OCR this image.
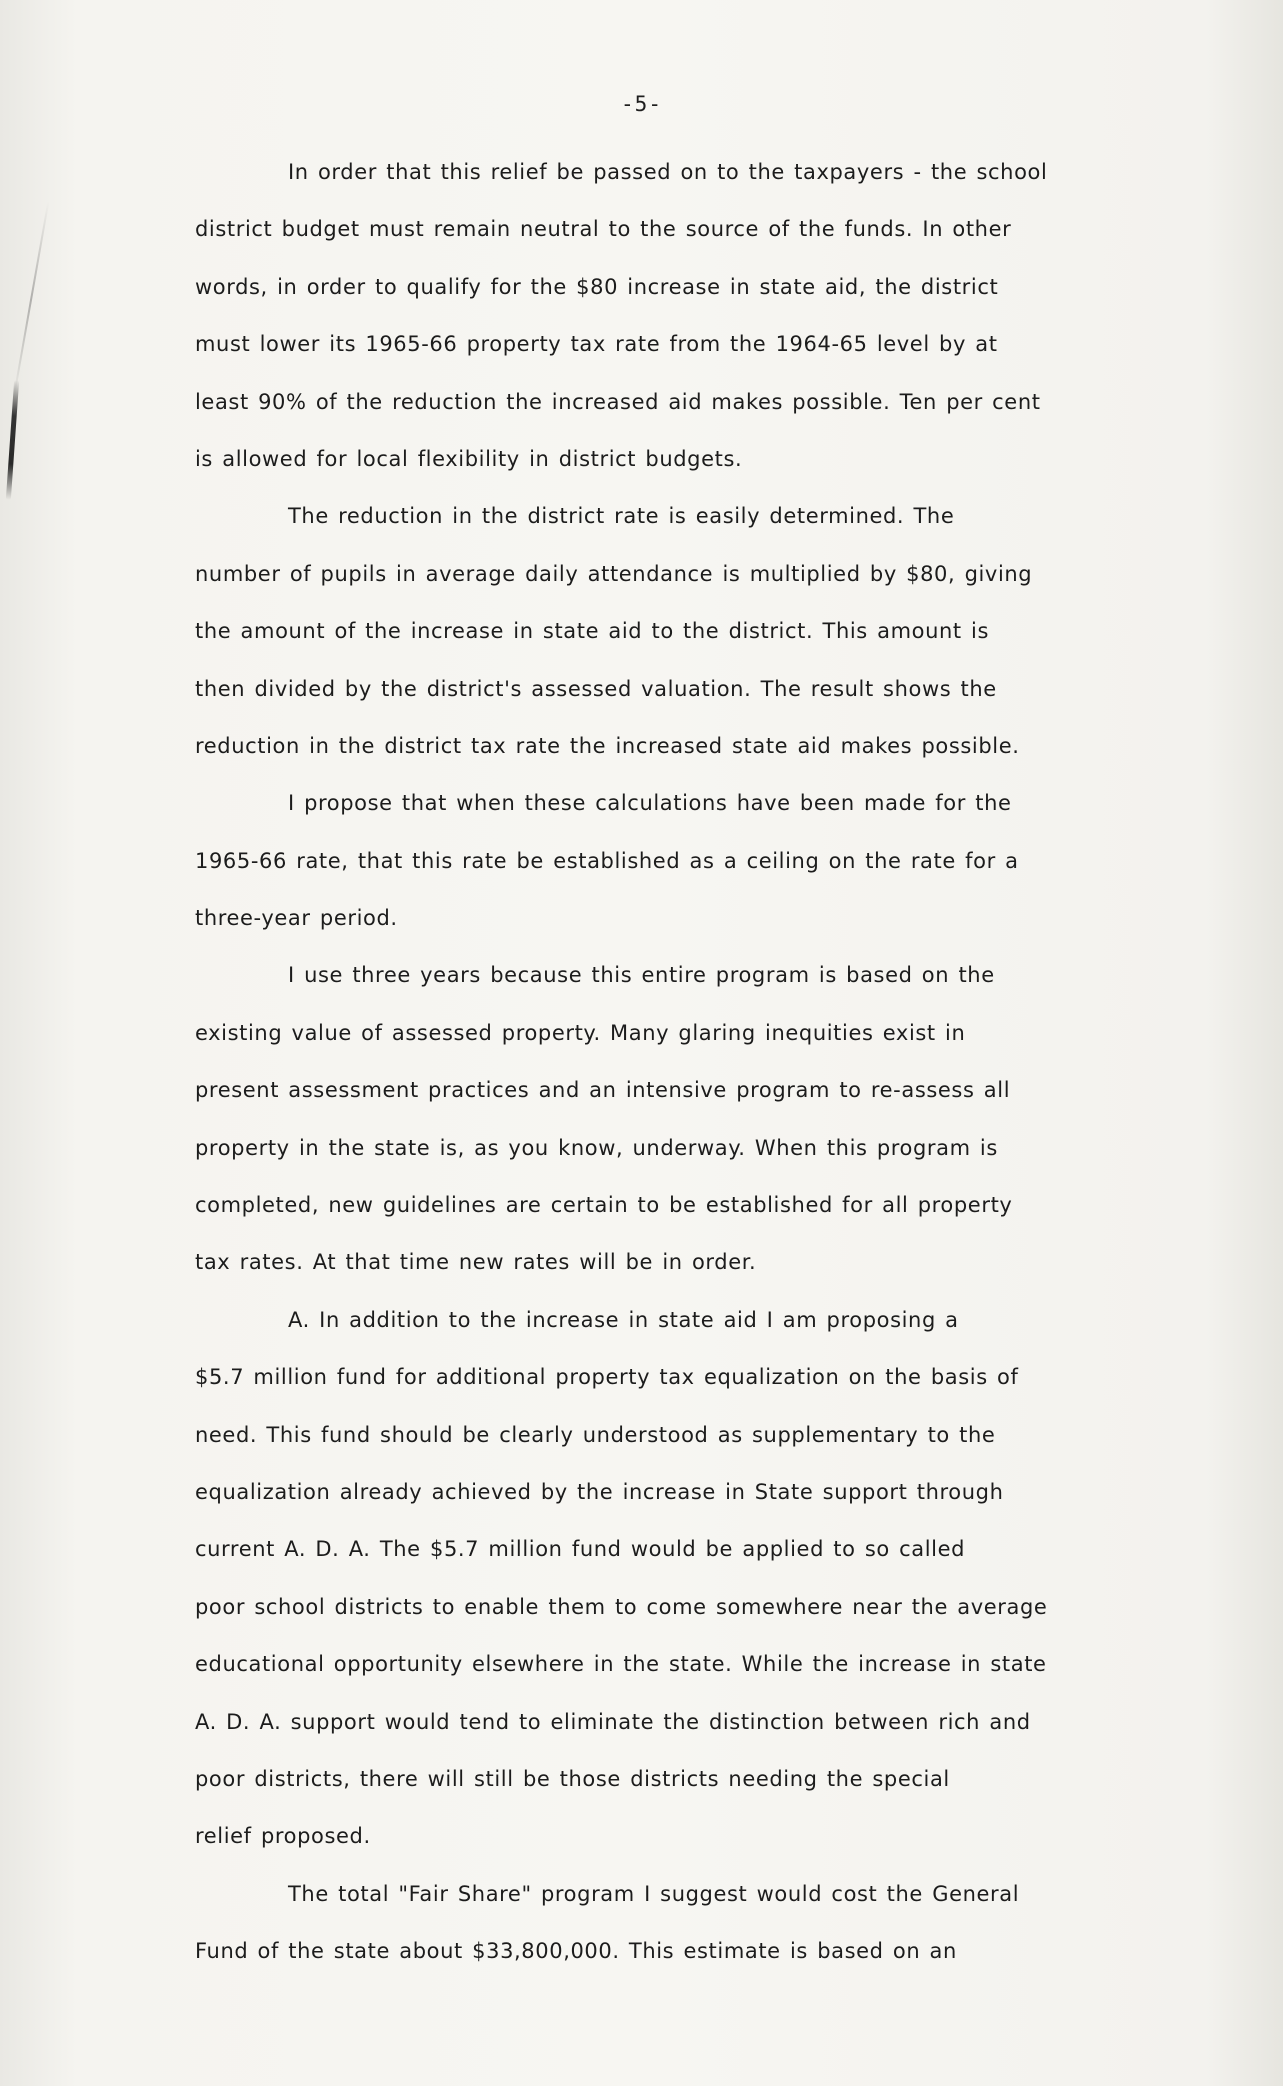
-5-
In order that this relief be passed on to the taxpayers - the school
district budget must remain neutral to the source of the funds. In other
words, in order to qualify for the $80 increase in state aid, the district
must lower its 1965-66 property tax rate from the 1964-65 level by at
least 90% of the reduction the increased aid makes possible. Ten per cent
is allowed for local flexibility in district budgets.
The reduction in the district rate is easily determined. The
number of pupils in average daily attendance is multiplied by $80, giving
the amount of the increase in state aid to the district. This amount is
then divided by the district's assessed valuation. The result shows the
reduction in the district tax rate the increased state aid makes possible.
I propose that when these calculations have been made for the
1965-66 rate, that this rate be established as a ceiling on the rate for a
three-year period.
I use three years because this entire program is based on the
existing value of assessed property. Many glaring inequities exist in
present assessment practices and an intensive program to re-assess all
property in the state is, as you know, underway. When this program is
completed, new guidelines are certain to be established for all property
tax rates. At that time new rates will be in order.
A. In addition to the increase in state aid I am proposing a
$5.7 million fund for additional property tax equalization on the basis of
need. This fund should be clearly understood as supplementary to the
equalization already achieved by the increase in State support through
current A. D. A. The $5.7 million fund would be applied to so called
poor school districts to enable them to come somewhere near the average
educational opportunity elsewhere in the state. While the increase in state
A. D. A. support would tend to eliminate the distinction between rich and
poor districts, there will still be those districts needing the special
relief proposed.
The total "Fair Share" program I suggest would cost the General
Fund of the state about $33,800,000. This estimate is based on an
